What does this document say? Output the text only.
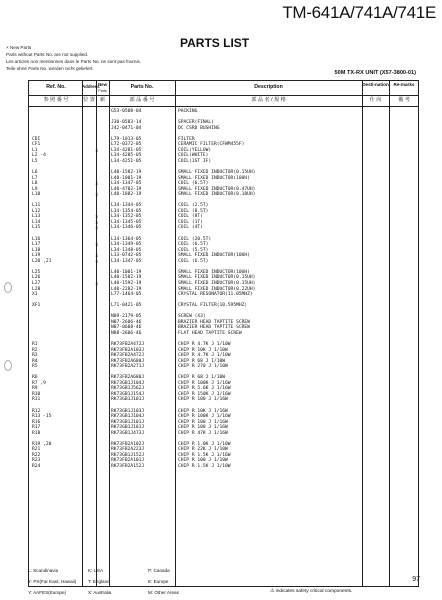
TM-641A/741A/741E
PARTS LIST
× New Parts
Parts without Parts No. are not supplied.
Les articles non mentionnes dans le Parts No. ne sont pas fournis.
Teile ohne Parts No. werden nicht geliefert.
50M TX-RX UNIT (X57-3800-01)
Ref. No.
参 照 番 号
Address
位 置
New
Parts
新
Parts No.
部 品 番 号
Description
部 品 名 / 規 格
Desti-nation
仕 向
Re-marks
備 考
G53-0508-04	PACKING
J30-0583-14	SPACER(FINAL)
J42-0471-04	DC CSRD BUSHING
CDI	L79-1013-05	FILTER
CF1	L72-0372-05	CERAMIC FILTER(CFWM455F)
L1	×	L34-4281-05	COIL(YELLOW)
L2 -4	L34-4285-05	COIL(WHITE)
L5	L34-4251-05	COIL(1ST IF)
L6	L40-1582-19	SMALL FIXED INDUCTOR(0.15UH)
L7	L40-1001-19	SMALL FIXED INDUCTOR(10UH)
L8	×	L34-1347-05	COIL (6.5T)
L9	L40-4782-19	SMALL FIXED INDUCTOR(0.47UH)
L10	×	L40-1882-19	SMALL FIXED INDUCTOR(0.18UH)
L11	L34-1344-05	COIL (2.5T)
L12	L34-1354-05	COIL (8.5T)
L13	×	L34-1352-05	COIL (8T)
L14	×	L34-1345-05	COIL (1T)
L15	×	L34-1346-05	COIL (4T)
L16	L34-1364-05	COIL (20.5T)
L17	×	L34-1349-05	COIL (6.5T)
L18	L34-1348-05	COIL (5.5T)
L19	×	L33-0742-05	SMALL FIXED INDUCTOR(10UH)
L20 ,21	×	L34-1347-05	COIL (6.5T)
L25	L40-1001-19	SMALL FIXED INDUCTOR(10UH)
L26	L40-1582-19	SMALL FIXED INDUCTOR(0.15UH)
L27	×	L40-1592-19	SMALL FIXED INDUCTOR(0.15UH)
L28	L40-2282-19	SMALL FIXED INDUCTOR(0.22UH)
X1	L77-1464-05	CRYSTAL RESONATOR(11.05MHZ)
XF1	L71-0421-05	CRYSTAL FILTER(10.595MHZ)
N09-2179-05	SCREW (X3)
N87-2606-46	BRAZIER HEAD TAPTITE SCREW
N87-0608-46	BRAZIER HEAD TAPTITE SCREW
N88-2606-46	FLAT HEAD TAPTITE SCREW
R1	RK73FB2A472J	CHIP R 4.7K J 1/10W
R2	RK73FB2A103J	CHIP R 10K J 1/10W
R3	RK73FB2A472J	CHIP R 4.7K J 1/10W
R4	RK73FB2A680J	CHIP R 68 J 1/10W
R5	RK73FB2A271J	CHIP R 270 J 1/10W
R6	RK73FB2A680J	CHIP R 68 J 1/10W
R7 ,9	RK73GB1J104J	CHIP R 100K J 1/16W
R9	RK73GB1J562J	CHIP R 5.6K J 1/16W
R10	RK73GB1J154J	CHIP R 150K J 1/16W
R11	RK73GB1J101J	CHIP R 100 J 1/16W
R12	RK73GB1J103J	CHIP R 10K J 1/16W
R13 -15	RK73GB1J104J	CHIP R 100K J 1/16W
R16	RK73GB1J101J	CHIP R 100 J 1/16W
R17	RK73GB1J101J	CHIP R 100 J 1/16W
R18	RK73GB1J473J	CHIP R 47K J 1/16W
R19 ,20	RK73FB2A102J	CHIP R 1.0K J 1/10W
R21	RK73FB2A223J	CHIP R 22K J 1/10W
R22	RK73GB1J152J	CHIP R 1.5K J 1/16W
R23	RK73FB2A101J	CHIP R 100 J 1/10W
R24	RK73FB2A152J	CHIP R 1.5K J 1/10W
L: Scandinavia	K: USA	P: Canada
Y: PX(Far East, Hawaii)	T: England	E: Europe
Y: AAFES(Europe)	X: Australia	M: Other Areas	⚠ indicates safety critical components.
97
